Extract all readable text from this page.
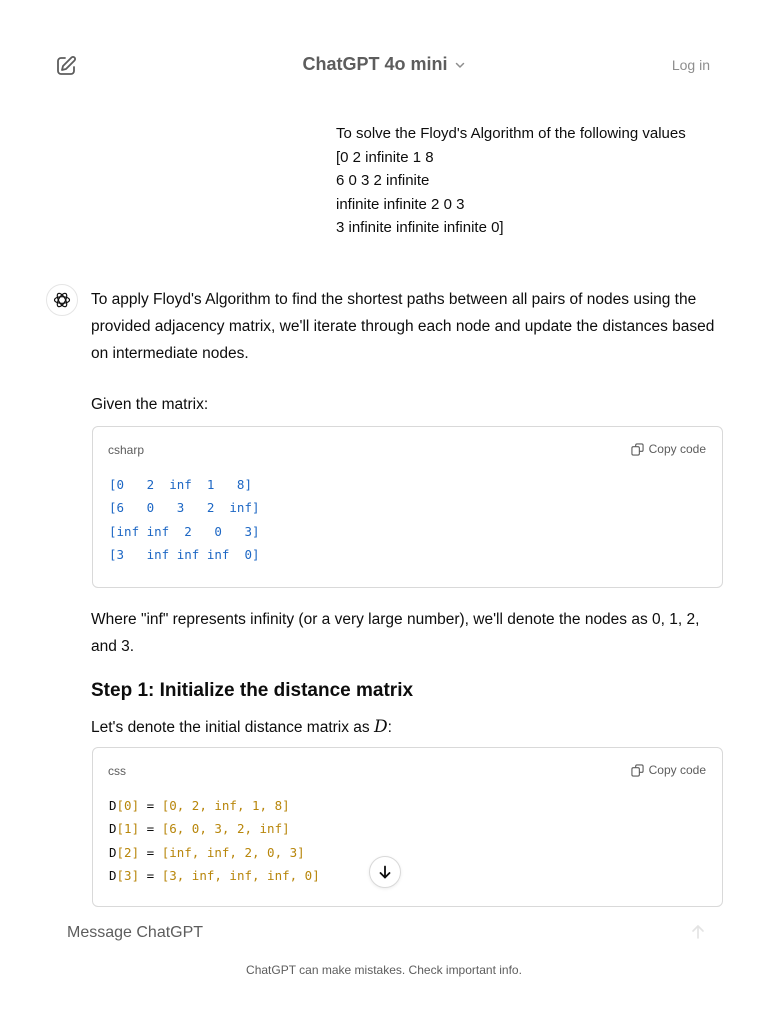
ChatGPT 4o mini	Log in
To solve the Floyd's Algorithm of the following values
[0 2 infinite 1 8
6 0 3 2 infinite
infinite infinite 2 0 3
3 infinite infinite infinite 0]

To apply Floyd's Algorithm to find the shortest paths between all pairs of nodes using the provided adjacency matrix, we'll iterate through each node and update the distances based on intermediate nodes.

Given the matrix:

csharp	Copy code
[0   2  inf  1   8]
[6   0   3   2  inf]
[inf inf  2   0   3]
[3   inf inf inf  0]

Where "inf" represents infinity (or a very large number), we'll denote the nodes as 0, 1, 2, and 3.

Step 1: Initialize the distance matrix

Let's denote the initial distance matrix as D:

css	Copy code
D[0] = [0, 2, inf, 1, 8]
D[1] = [6, 0, 3, 2, inf]
D[2] = [inf, inf, 2, 0, 3]
D[3] = [3, inf, inf, inf, 0]
Message ChatGPT
ChatGPT can make mistakes. Check important info.
